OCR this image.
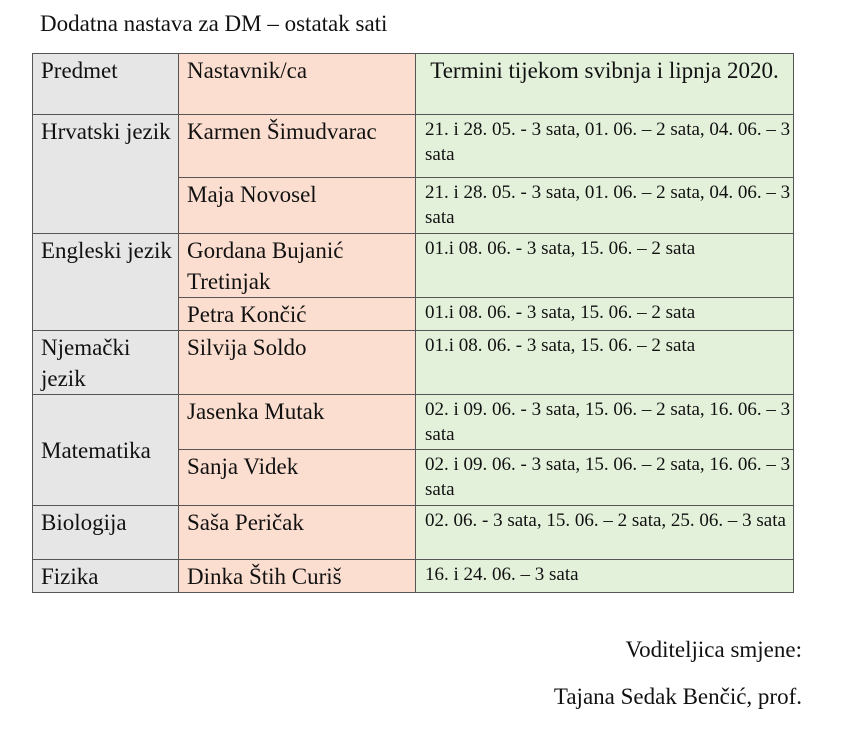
Dodatna nastava za DM – ostatak sati
Predmet	Nastavnik/ca	Termini tijekom svibnja i lipnja 2020.
Hrvatski jezik	Karmen Šimudvarac	21. i 28. 05. - 3 sata, 01. 06. – 2 sata, 04. 06. – 3 sata
	Maja Novosel	21. i 28. 05. - 3 sata, 01. 06. – 2 sata, 04. 06. – 3 sata
Engleski jezik	Gordana Bujanić Tretinjak	01.i 08. 06. - 3 sata, 15. 06. – 2 sata
	Petra Končić	01.i 08. 06. - 3 sata, 15. 06. – 2 sata
Njemački jezik	Silvija Soldo	01.i 08. 06. - 3 sata, 15. 06. – 2 sata
Matematika	Jasenka Mutak	02. i 09. 06. - 3 sata, 15. 06. – 2 sata, 16. 06. – 3 sata
	Sanja Videk	02. i 09. 06. - 3 sata, 15. 06. – 2 sata, 16. 06. – 3 sata
Biologija	Saša Peričak	02. 06. - 3 sata, 15. 06. – 2 sata, 25. 06. – 3 sata
Fizika	Dinka Štih Curiš	16. i 24. 06. – 3 sata
Voditeljica smjene:
Tajana Sedak Benčić, prof.
